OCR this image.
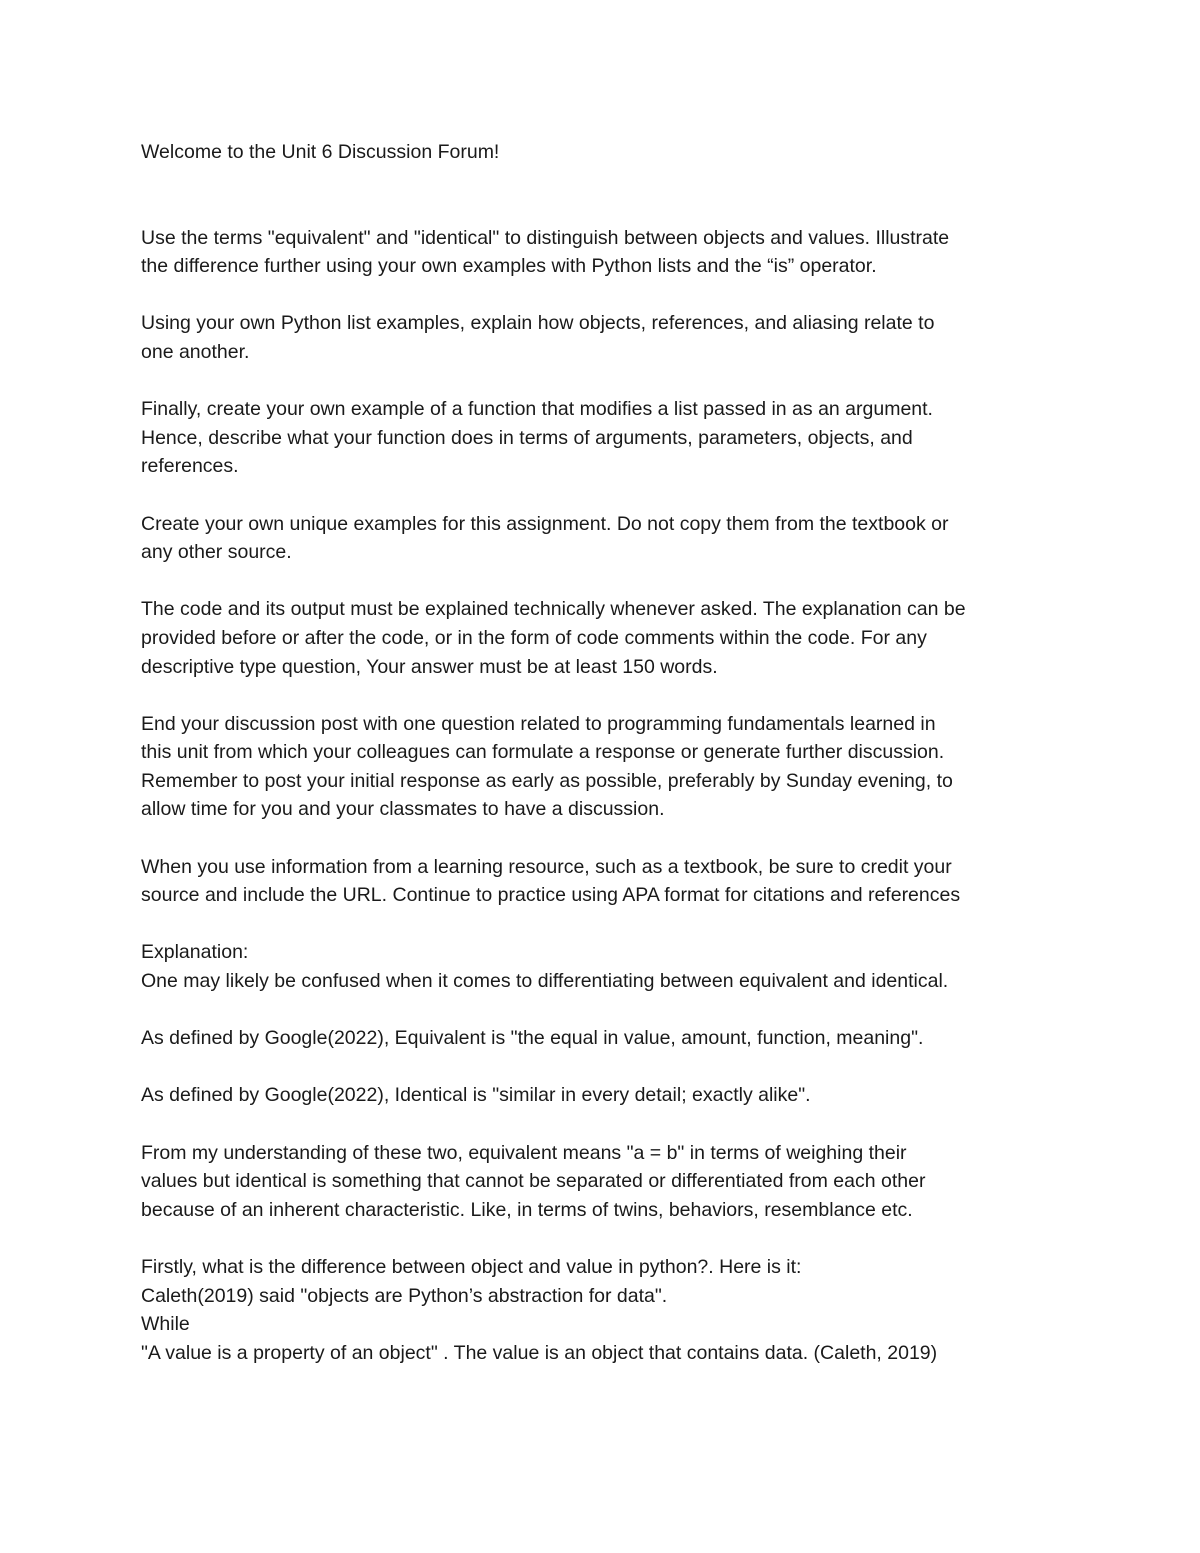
Welcome to the Unit 6 Discussion Forum!

Use the terms "equivalent" and "identical" to distinguish between objects and values. Illustrate
the difference further using your own examples with Python lists and the “is” operator.
Using your own Python list examples, explain how objects, references, and aliasing relate to
one another.
Finally, create your own example of a function that modifies a list passed in as an argument.
Hence, describe what your function does in terms of arguments, parameters, objects, and
references.
Create your own unique examples for this assignment. Do not copy them from the textbook or
any other source.
The code and its output must be explained technically whenever asked. The explanation can be
provided before or after the code, or in the form of code comments within the code. For any
descriptive type question, Your answer must be at least 150 words.
End your discussion post with one question related to programming fundamentals learned in
this unit from which your colleagues can formulate a response or generate further discussion.
Remember to post your initial response as early as possible, preferably by Sunday evening, to
allow time for you and your classmates to have a discussion.
When you use information from a learning resource, such as a textbook, be sure to credit your
source and include the URL. Continue to practice using APA format for citations and references
Explanation:
One may likely be confused when it comes to differentiating between equivalent and identical.
As defined by Google(2022), Equivalent is "the equal in value, amount, function, meaning".
As defined by Google(2022), Identical is "similar in every detail; exactly alike".
From my understanding of these two, equivalent means "a = b" in terms of weighing their
values but identical is something that cannot be separated or differentiated from each other
because of an inherent characteristic. Like, in terms of twins, behaviors, resemblance etc.
Firstly, what is the difference between object and value in python?. Here is it:
Caleth(2019) said "objects are Python’s abstraction for data".
While
"A value is a property of an object" . The value is an object that contains data. (Caleth, 2019)
